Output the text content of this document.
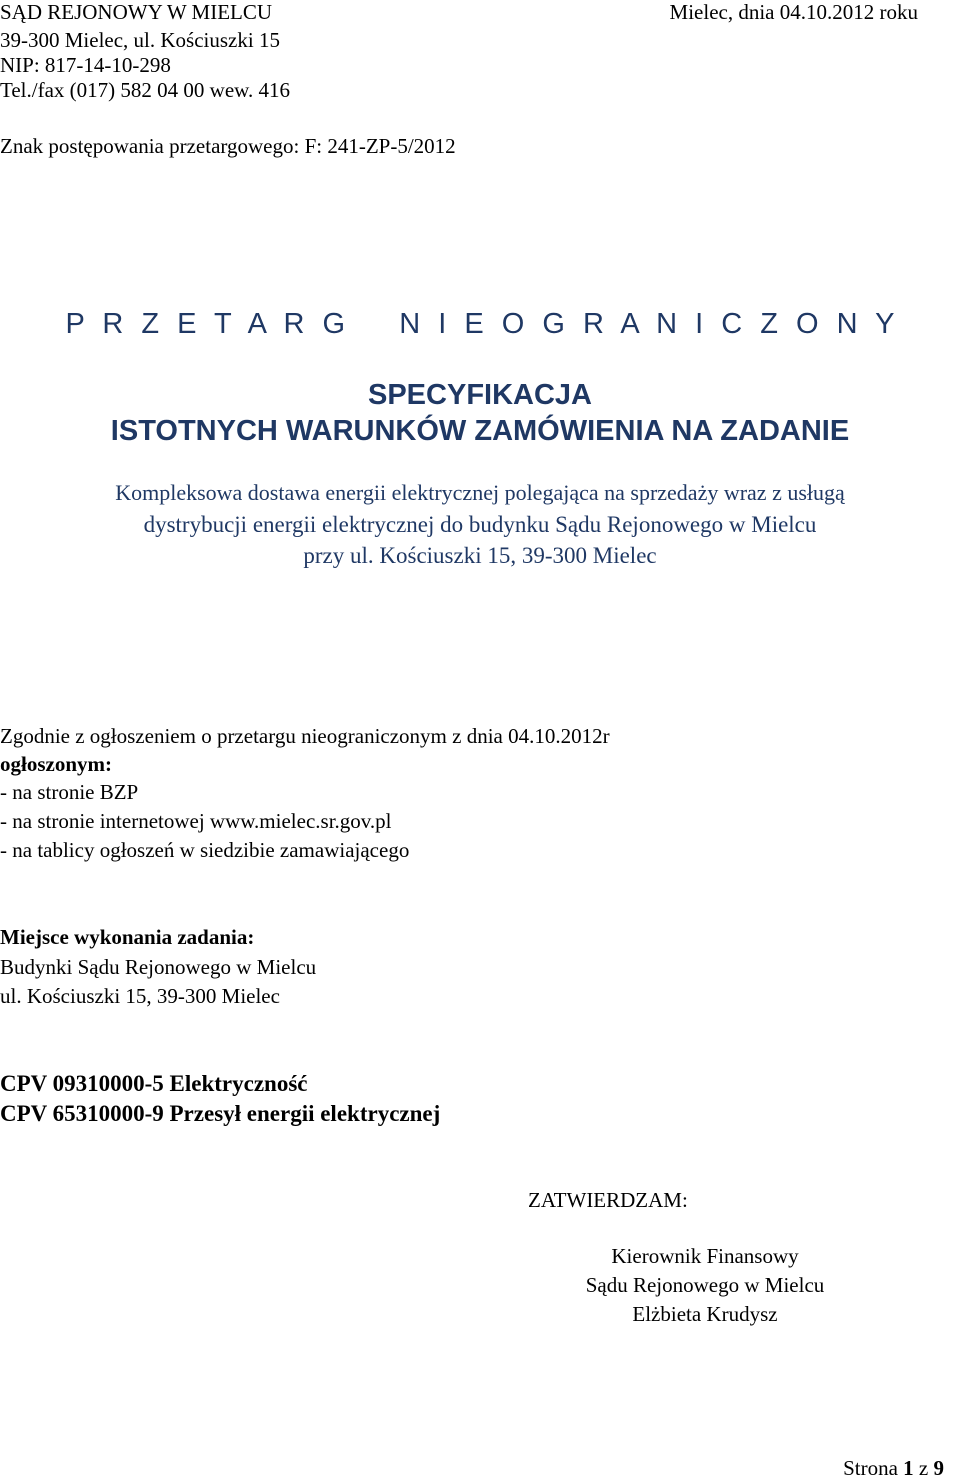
SĄD REJONOWY W MIELCU
39-300 Mielec, ul. Kościuszki 15
NIP: 817-14-10-298
Tel./fax (017) 582 04 00 wew. 416
Mielec, dnia 04.10.2012 roku
Znak postępowania przetargowego: F: 241-ZP-5/2012
P R Z E T A R G   N I E O G R A N I C Z O N Y
SPECYFIKACJA
ISTOTNYCH WARUNKÓW ZAMÓWIENIA NA ZADANIE
Kompleksowa dostawa energii elektrycznej polegająca na sprzedaży wraz z usługą
dystrybucji energii elektrycznej do budynku Sądu Rejonowego w Mielcu
przy ul. Kościuszki 15, 39-300 Mielec
Zgodnie z ogłoszeniem o przetargu nieograniczonym z dnia 04.10.2012r
ogłoszonym:
- na stronie BZP
- na stronie internetowej www.mielec.sr.gov.pl
- na tablicy ogłoszeń w siedzibie zamawiającego
Miejsce wykonania zadania:
Budynki Sądu Rejonowego w Mielcu
ul. Kościuszki 15, 39-300 Mielec
CPV 09310000-5 Elektryczność
CPV 65310000-9 Przesył energii elektrycznej
ZATWIERDZAM:
Kierownik Finansowy
Sądu Rejonowego w Mielcu
Elżbieta Krudysz
Strona 1 z 9
